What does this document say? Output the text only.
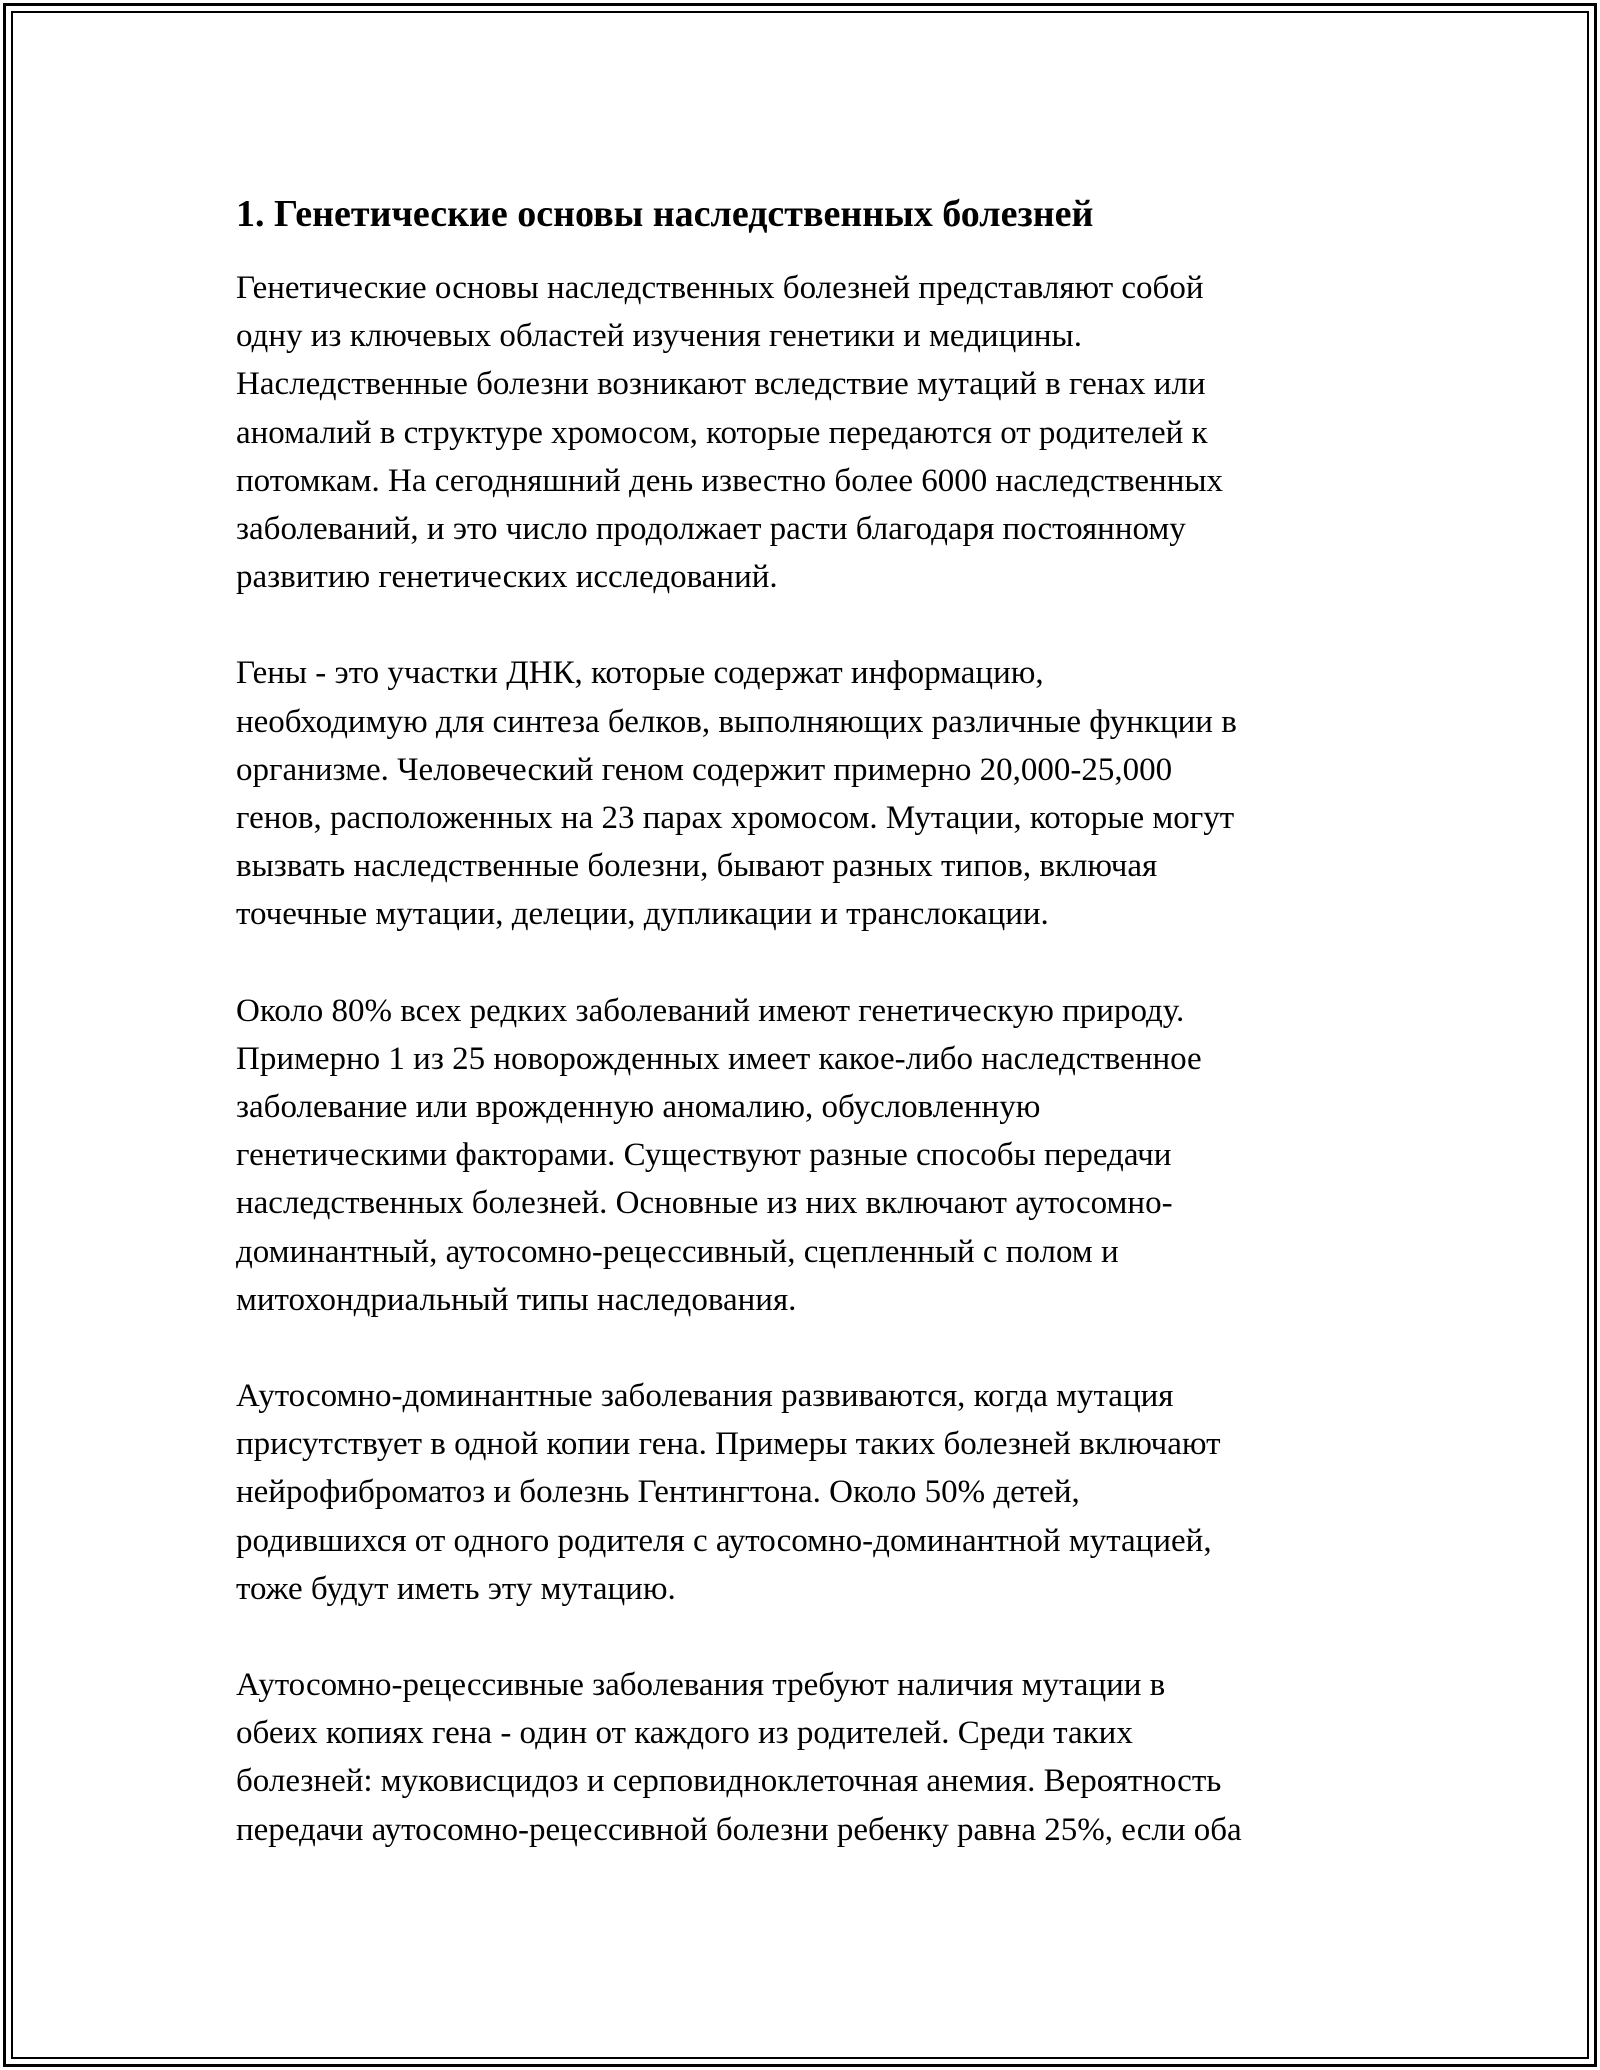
1. Генетические основы наследственных болезней

Генетические основы наследственных болезней представляют собой
одну из ключевых областей изучения генетики и медицины.
Наследственные болезни возникают вследствие мутаций в генах или
аномалий в структуре хромосом, которые передаются от родителей к
потомкам. На сегодняшний день известно более 6000 наследственных
заболеваний, и это число продолжает расти благодаря постоянному
развитию генетических исследований.

Гены - это участки ДНК, которые содержат информацию,
необходимую для синтеза белков, выполняющих различные функции в
организме. Человеческий геном содержит примерно 20,000-25,000
генов, расположенных на 23 парах хромосом. Мутации, которые могут
вызвать наследственные болезни, бывают разных типов, включая
точечные мутации, делеции, дупликации и транслокации.

Около 80% всех редких заболеваний имеют генетическую природу.
Примерно 1 из 25 новорожденных имеет какое-либо наследственное
заболевание или врожденную аномалию, обусловленную
генетическими факторами. Существуют разные способы передачи
наследственных болезней. Основные из них включают аутосомно-
доминантный, аутосомно-рецессивный, сцепленный с полом и
митохондриальный типы наследования.

Аутосомно-доминантные заболевания развиваются, когда мутация
присутствует в одной копии гена. Примеры таких болезней включают
нейрофиброматоз и болезнь Гентингтона. Около 50% детей,
родившихся от одного родителя с аутосомно-доминантной мутацией,
тоже будут иметь эту мутацию.

Аутосомно-рецессивные заболевания требуют наличия мутации в
обеих копиях гена - один от каждого из родителей. Среди таких
болезней: муковисцидоз и серповидноклеточная анемия. Вероятность
передачи аутосомно-рецессивной болезни ребенку равна 25%, если оба
